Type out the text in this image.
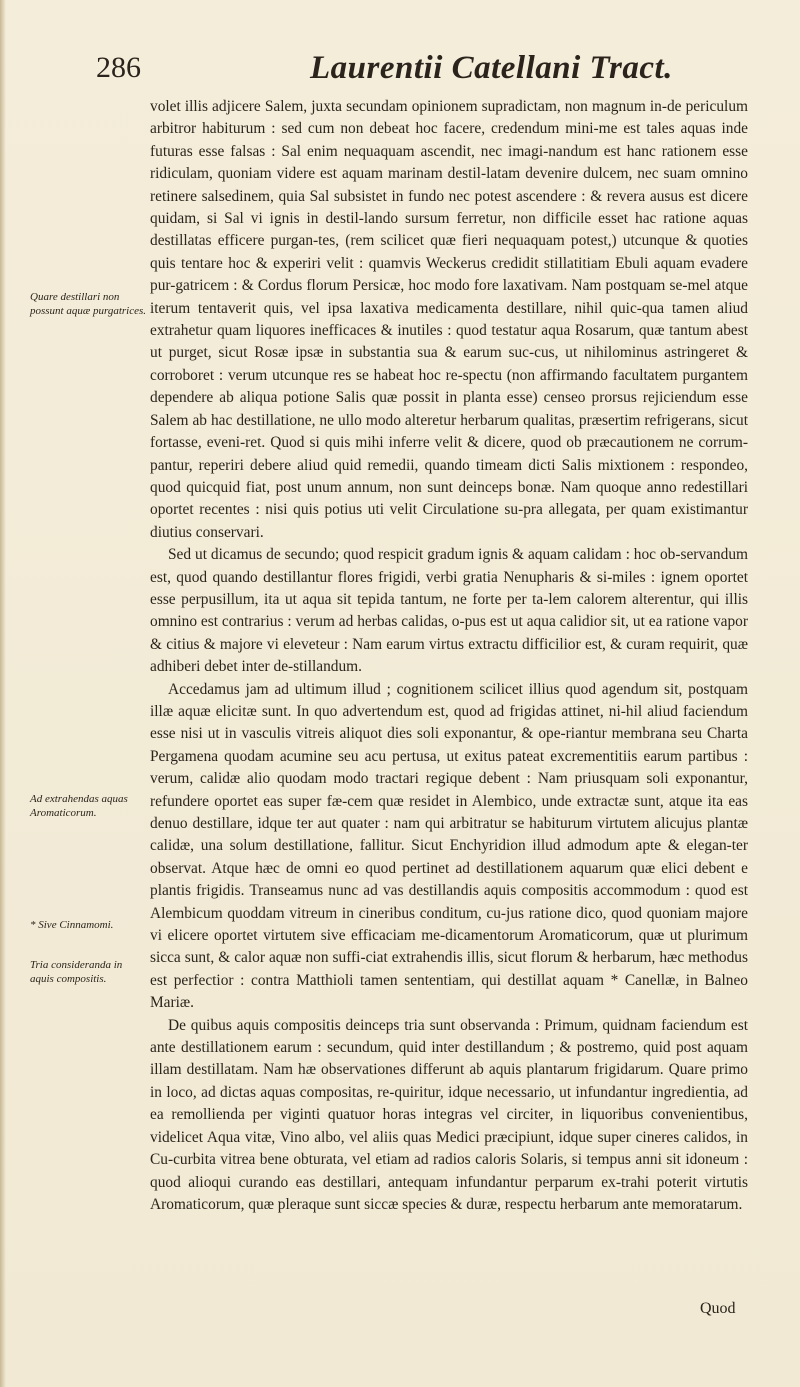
286	Laurentii Catellani Tract.
Quare destillari non possunt aquæ purgatrices.
Ad extrahendas aquas Aromaticorum.
* Sive Cinnamomi.
Tria consideranda in aquis compositis.

volet illis adjicere Salem, juxta secundam opinionem supradictam, non magnum in-de periculum arbitror habiturum : sed cum non debeat hoc facere, credendum mini-me est tales aquas inde futuras esse falsas : Sal enim nequaquam ascendit, nec imagi-nandum est hanc rationem esse ridiculam, quoniam videre est aquam marinam destil-latam devenire dulcem, nec suam omnino retinere salsedinem, quia Sal subsistet in fundo nec potest ascendere : & revera ausus est dicere quidam, si Sal vi ignis in destil-lando sursum ferretur, non difficile esset hac ratione aquas destillatas efficere purgan-tes, (rem scilicet quæ fieri nequaquam potest,) utcunque & quoties quis tentare hoc & experiri velit : quamvis Weckerus credidit stillatitiam Ebuli aquam evadere pur-gatricem : & Cordus florum Persicæ, hoc modo fore laxativam. Nam postquam se-mel atque iterum tentaverit quis, vel ipsa laxativa medicamenta destillare, nihil quic-qua tamen aliud extrahetur quam liquores inefficaces & inutiles : quod testatur aqua Rosarum, quæ tantum abest ut purget, sicut Rosæ ipsæ in substantia sua & earum suc-cus, ut nihilominus astringeret & corroboret : verum utcunque res se habeat hoc re-spectu (non affirmando facultatem purgantem dependere ab aliqua potione Salis quæ possit in planta esse) censeo prorsus rejiciendum esse Salem ab hac destillatione, ne ullo modo alteretur herbarum qualitas, præsertim refrigerans, sicut fortasse, eveni-ret. Quod si quis mihi inferre velit & dicere, quod ob præcautionem ne corrum-pantur, reperiri debere aliud quid remedii, quando timeam dicti Salis mixtionem : respondeo, quod quicquid fiat, post unum annum, non sunt deinceps bonæ. Nam quoque anno redestillari oportet recentes : nisi quis potius uti velit Circulatione su-pra allegata, per quam existimantur diutius conservari.

Sed ut dicamus de secundo; quod respicit gradum ignis & aquam calidam : hoc ob-servandum est, quod quando destillantur flores frigidi, verbi gratia Nenupharis & si-miles : ignem oportet esse perpusillum, ita ut aqua sit tepida tantum, ne forte per ta-lem calorem alterentur, qui illis omnino est contrarius : verum ad herbas calidas, o-pus est ut aqua calidior sit, ut ea ratione vapor & citius & majore vi eleveteur : Nam earum virtus extractu difficilior est, & curam requirit, quæ adhiberi debet inter de-stillandum.

Accedamus jam ad ultimum illud ; cognitionem scilicet illius quod agendum sit, postquam illæ aquæ elicitæ sunt. In quo advertendum est, quod ad frigidas attinet, ni-hil aliud faciendum esse nisi ut in vasculis vitreis aliquot dies soli exponantur, & ope-riantur membrana seu Charta Pergamena quodam acumine seu acu pertusa, ut exitus pateat excrementitiis earum partibus : verum, calidæ alio quodam modo tractari regique debent : Nam priusquam soli exponantur, refundere oportet eas super fæ-cem quæ residet in Alembico, unde extractæ sunt, atque ita eas denuo destillare, idque ter aut quater : nam qui arbitratur se habiturum virtutem alicujus plantæ calidæ, una solum destillatione, fallitur. Sicut Enchyridion illud admodum apte & elegan-ter observat. Atque hæc de omni eo quod pertinet ad destillationem aquarum quæ elici debent e plantis frigidis. Transeamus nunc ad vas destillandis aquis compositis accommodum : quod est Alembicum quoddam vitreum in cineribus conditum, cu-jus ratione dico, quod quoniam majore vi elicere oportet virtutem sive efficaciam me-dicamentorum Aromaticorum, quæ ut plurimum sicca sunt, & calor aquæ non suffi-ciat extrahendis illis, sicut florum & herbarum, hæc methodus est perfectior : contra Matthioli tamen sententiam, qui destillat aquam * Canellæ, in Balneo Mariæ.

De quibus aquis compositis deinceps tria sunt observanda : Primum, quidnam faciendum est ante destillationem earum : secundum, quid inter destillandum ; & postremo, quid post aquam illam destillatam. Nam hæ observationes differunt ab aquis plantarum frigidarum. Quare primo in loco, ad dictas aquas compositas, re-quiritur, idque necessario, ut infundantur ingredientia, ad ea remollienda per viginti quatuor horas integras vel circiter, in liquoribus convenientibus, videlicet Aqua vitæ, Vino albo, vel aliis quas Medici præcipiunt, idque super cineres calidos, in Cu-curbita vitrea bene obturata, vel etiam ad radios caloris Solaris, si tempus anni sit idoneum : quod alioqui curando eas destillari, antequam infundantur perparum ex-trahi poterit virtutis Aromaticorum, quæ pleraque sunt siccæ species & duræ, respectu herbarum ante memoratarum.

Quod
